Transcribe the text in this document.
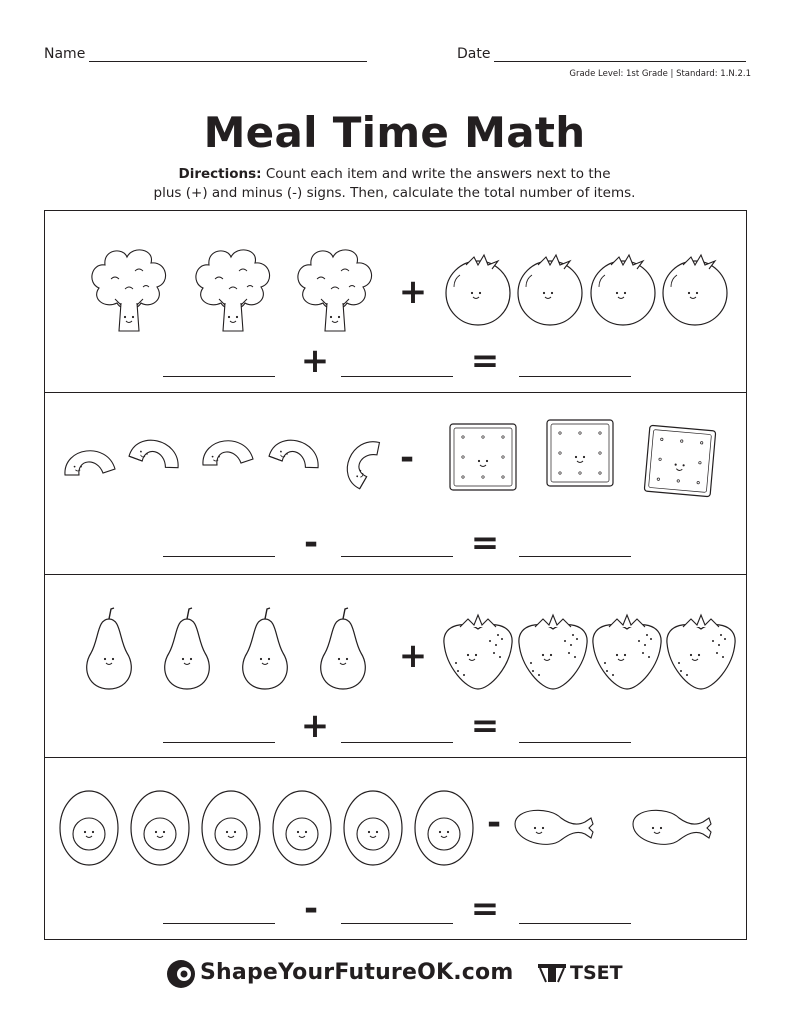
Name	Date
Grade Level: 1st Grade | Standard: 1.N.2.1
Meal Time Math
Directions: Count each item and write the answers next to the
plus (+) and minus (-) signs. Then, calculate the total number of items.
+
+	=
-
-	=
+
+	=
-
-	=
ShapeYourFutureOK.com	TSET
